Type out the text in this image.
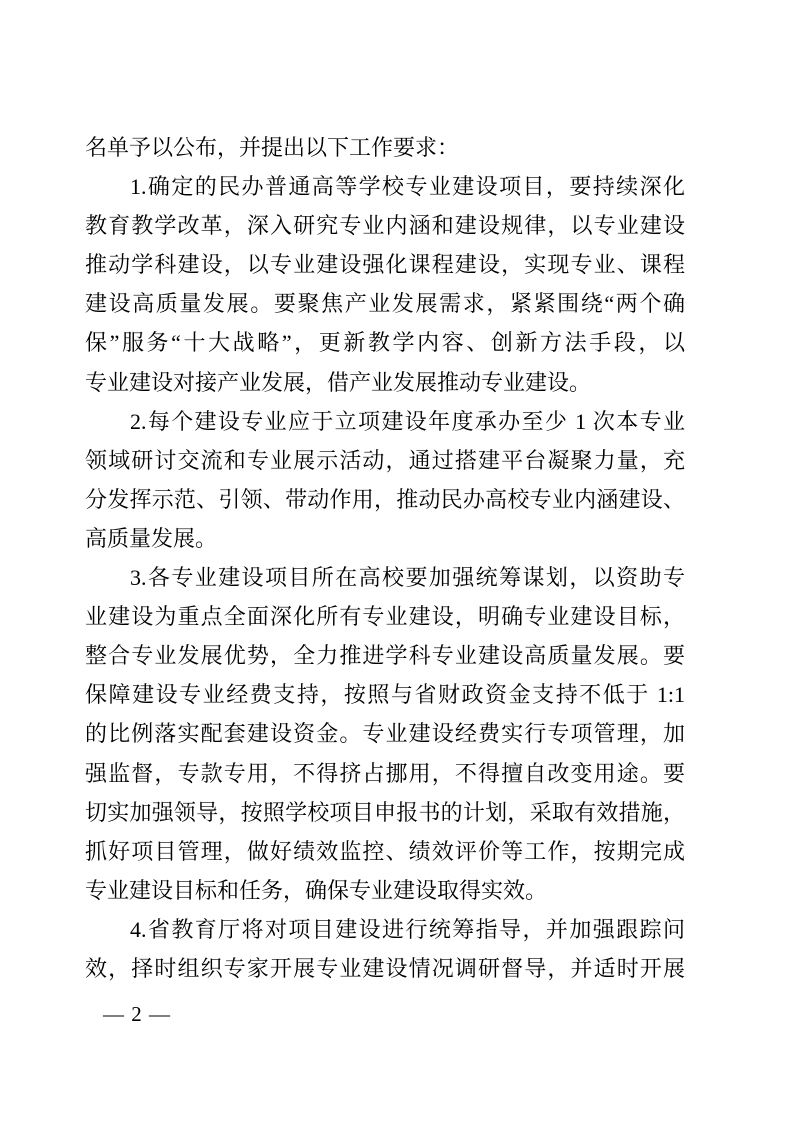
名单予以公布，并提出以下工作要求：
1.确定的民办普通高等学校专业建设项目，要持续深化
教育教学改革，深入研究专业内涵和建设规律，以专业建设
推动学科建设，以专业建设强化课程建设，实现专业、课程
建设高质量发展。要聚焦产业发展需求，紧紧围绕“两个确
保”服务“十大战略”，更新教学内容、创新方法手段，以
专业建设对接产业发展，借产业发展推动专业建设。
2.每个建设专业应于立项建设年度承办至少 1 次本专业
领域研讨交流和专业展示活动，通过搭建平台凝聚力量，充
分发挥示范、引领、带动作用，推动民办高校专业内涵建设、
高质量发展。
3.各专业建设项目所在高校要加强统筹谋划，以资助专
业建设为重点全面深化所有专业建设，明确专业建设目标，
整合专业发展优势，全力推进学科专业建设高质量发展。要
保障建设专业经费支持，按照与省财政资金支持不低于 1:1
的比例落实配套建设资金。专业建设经费实行专项管理，加
强监督，专款专用，不得挤占挪用，不得擅自改变用途。要
切实加强领导，按照学校项目申报书的计划，采取有效措施，
抓好项目管理，做好绩效监控、绩效评价等工作，按期完成
专业建设目标和任务，确保专业建设取得实效。
4.省教育厅将对项目建设进行统筹指导，并加强跟踪问
效，择时组织专家开展专业建设情况调研督导，并适时开展
— 2 —
